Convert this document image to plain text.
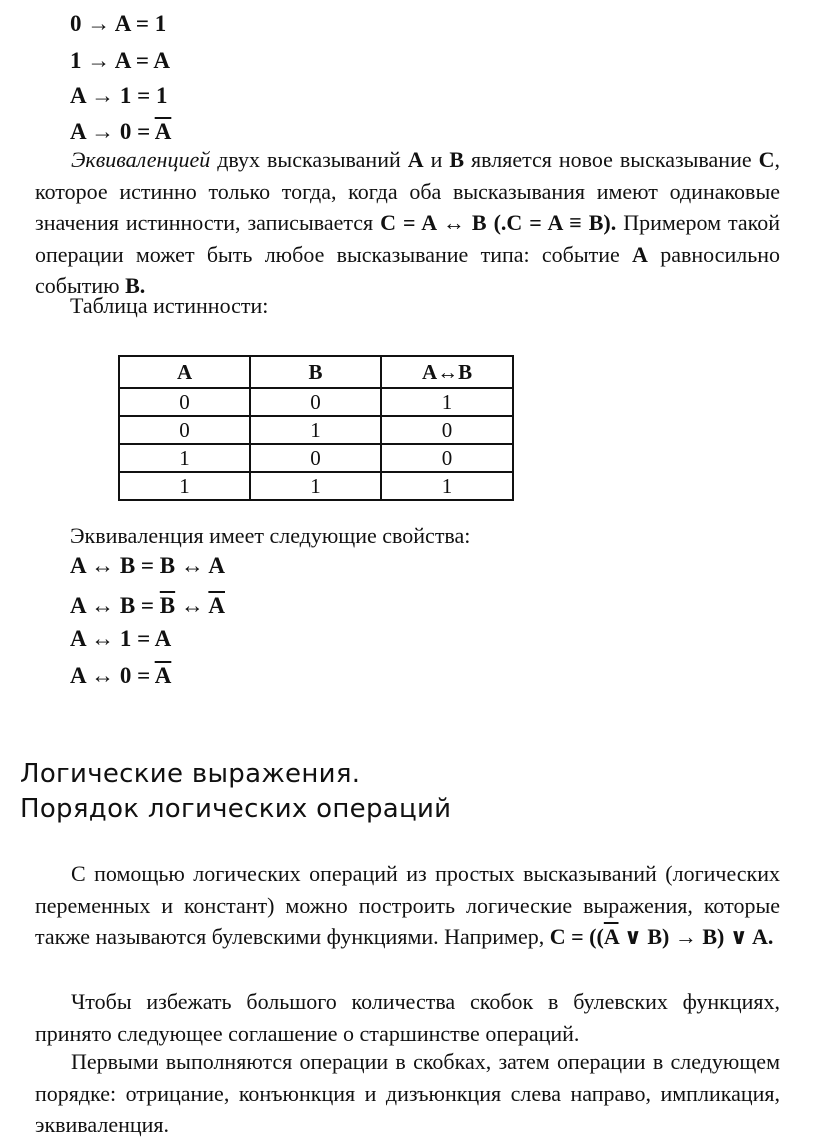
0 → A = 1
1 → A = A
A → 1 = 1
$A \to 0 = \overline{A}$
Эквиваленцией двух высказываний A и B является новое высказывание C, которое истинно только тогда, когда оба высказывания имеют одинаковые значения истинности, записывается C = A ↔ B (.C = A ≡ B). Примером такой операции может быть любое высказывание типа: событие A равносильно событию B.
Таблица истинности:
A	B	A↔B
0	0	1
0	1	0
1	0	0
1	1	1
Эквиваленция имеет следующие свойства:
A ↔ B = B ↔ A
A ↔ $B = \overline{B}$ ↔ $\overline{A}$
A ↔ 1 = A
A ↔ $0 = \overline{A}$
Логические выражения.
Порядок логических операций
С помощью логических операций из простых высказываний (логических переменных и констант) можно построить логические выражения, которые также называются булевскими функциями. Например, $C = ((\overline{A}$ ∨ B) → B) ∨ A.
Чтобы избежать большого количества скобок в булевских функциях, принято следующее соглашение о старшинстве операций.
Первыми выполняются операции в скобках, затем операции в следующем порядке: отрицание, конъюнкция и дизъюнкция слева направо, импликация, эквиваленция.
